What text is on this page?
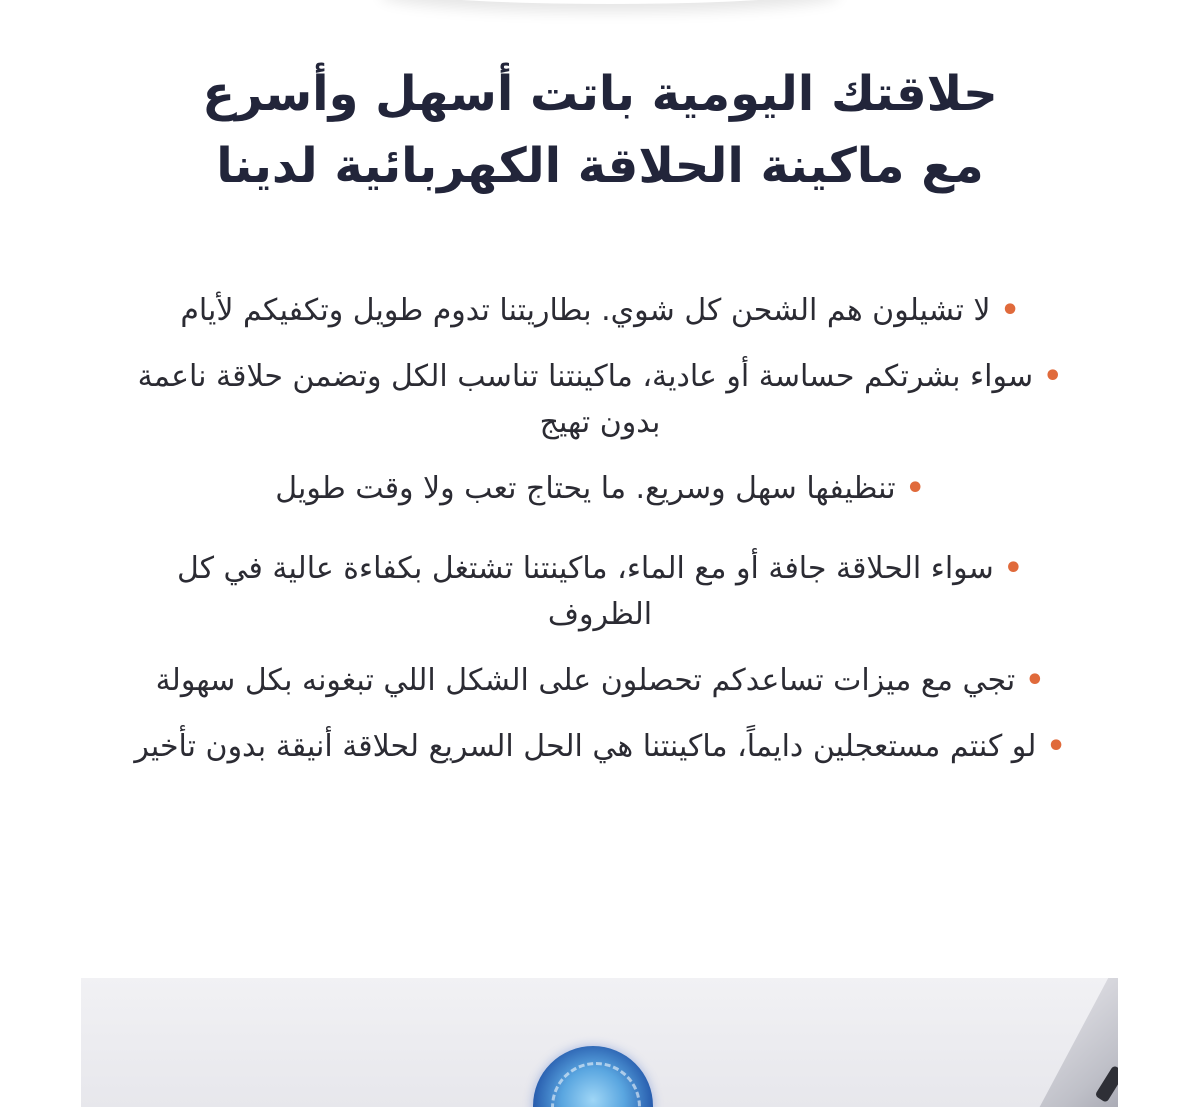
حلاقتك اليومية باتت أسهل وأسرع
مع ماكينة الحلاقة الكهربائية لدينا
•لا تشيلون هم الشحن كل شوي. بطاريتنا تدوم طويل وتكفيكم لأيام
•سواء بشرتكم حساسة أو عادية، ماكينتنا تناسب الكل وتضمن حلاقة ناعمة بدون تهيج
•تنظيفها سهل وسريع. ما يحتاج تعب ولا وقت طويل
•سواء الحلاقة جافة أو مع الماء، ماكينتنا تشتغل بكفاءة عالية في كل الظروف
•تجي مع ميزات تساعدكم تحصلون على الشكل اللي تبغونه بكل سهولة
•لو كنتم مستعجلين دايماً، ماكينتنا هي الحل السريع لحلاقة أنيقة بدون تأخير
